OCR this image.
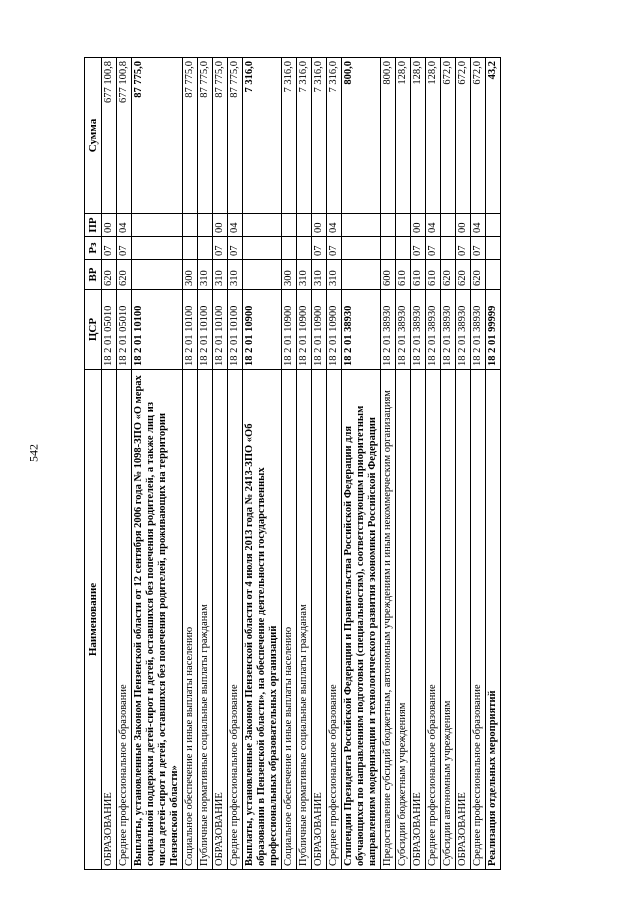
542
Наименование	ЦСР	ВР	Рз	ПР	Сумма
ОБРАЗОВАНИЕ	18 2 01 05010	620	07	00	677 100,8
Среднее профессиональное образование	18 2 01 05010	620	07	04	677 100,8
Выплаты, установленные Законом Пензенской области от 12 сентября 2006 года № 1098-ЗПО «О мерах социальной поддержки детей-сирот и детей, оставшихся без попечения родителей, а также лиц из числа детей-сирот и детей, оставшихся без попечения родителей, проживающих на территории Пензенской области»	18 2 01 10100				87 775,0
Социальное обеспечение и иные выплаты населению	18 2 01 10100	300			87 775,0
Публичные нормативные социальные выплаты гражданам	18 2 01 10100	310			87 775,0
ОБРАЗОВАНИЕ	18 2 01 10100	310	07	00	87 775,0
Среднее профессиональное образование	18 2 01 10100	310	07	04	87 775,0
Выплаты, установленные Законом Пензенской области от 4 июля 2013 года № 2413-ЗПО «Об образовании в Пензенской области», на обеспечение деятельности государственных профессиональных образовательных организаций	18 2 01 10900				7 316,0
Социальное обеспечение и иные выплаты населению	18 2 01 10900	300			7 316,0
Публичные нормативные социальные выплаты гражданам	18 2 01 10900	310			7 316,0
ОБРАЗОВАНИЕ	18 2 01 10900	310	07	00	7 316,0
Среднее профессиональное образование	18 2 01 10900	310	07	04	7 316,0
Стипендии Президента Российской Федерации и Правительства Российской Федерации для обучающихся по направлениям подготовки (специальностям), соответствующим приоритетным направлениям модернизации и технологического развития экономики Российской Федерации	18 2 01 38930				800,0
Предоставление субсидий бюджетным, автономным учреждениям и иным некоммерческим организациям	18 2 01 38930	600			800,0
Субсидии бюджетным учреждениям	18 2 01 38930	610			128,0
ОБРАЗОВАНИЕ	18 2 01 38930	610	07	00	128,0
Среднее профессиональное образование	18 2 01 38930	610	07	04	128,0
Субсидии автономным учреждениям	18 2 01 38930	620			672,0
ОБРАЗОВАНИЕ	18 2 01 38930	620	07	00	672,0
Среднее профессиональное образование	18 2 01 38930	620	07	04	672,0
Реализация отдельных мероприятий	18 2 01 99999				43,2
